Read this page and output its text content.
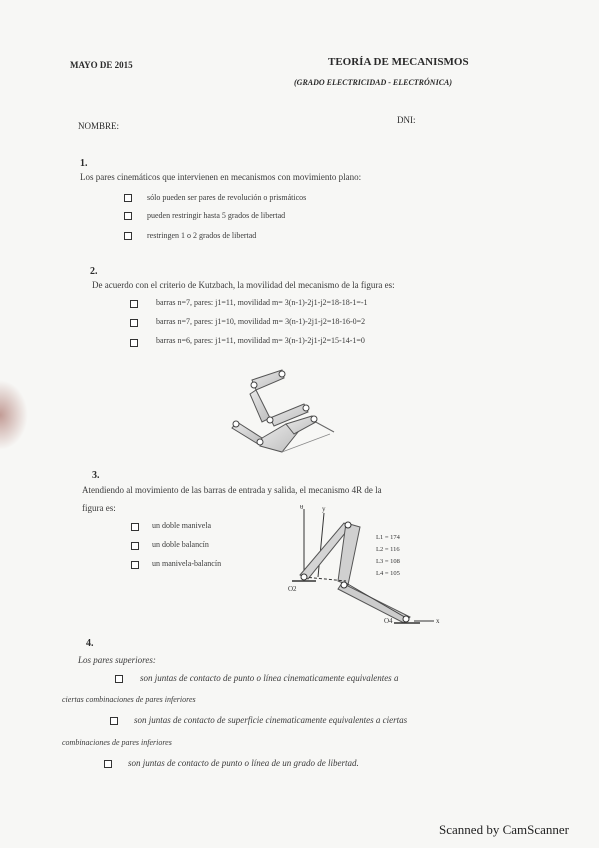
MAYO DE 2015	TEORÍA DE MECANISMOS
(GRADO ELECTRICIDAD - ELECTRÓNICA)
NOMBRE:
DNI:
1.
Los pares cinemáticos que intervienen en mecanismos con movimiento plano:
sólo pueden ser pares de revolución o prismáticos
pueden restringir hasta 5 grados de libertad
restringen 1 o 2 grados de libertad
2.
De acuerdo con el criterio de Kutzbach, la movilidad del mecanismo de la figura es:
barras n=7, pares: j1=11, movilidad m= 3(n-1)-2j1-j2=18-18-1=-1
barras n=7, pares: j1=10, movilidad m= 3(n-1)-2j1-j2=18-16-0=2
barras n=6, pares: j1=11, movilidad m= 3(n-1)-2j1-j2=15-14-1=0
3.
Atendiendo al movimiento de las barras de entrada y salida, el mecanismo 4R de la
figura es:
un doble manivela
un doble balancín
un manivela-balancín
θ	y
O2
O4	x
L1 = 174
L2 = 116
L3 = 108
L4 = 105
4.
Los pares superiores:
son juntas de contacto de punto o línea cinematicamente equivalentes a
ciertas combinaciones de pares inferiores
son juntas de contacto de superficie cinematicamente equivalentes a ciertas
combinaciones de pares inferiores
son juntas de contacto de punto o línea de un grado de libertad.
Scanned by CamScanner
